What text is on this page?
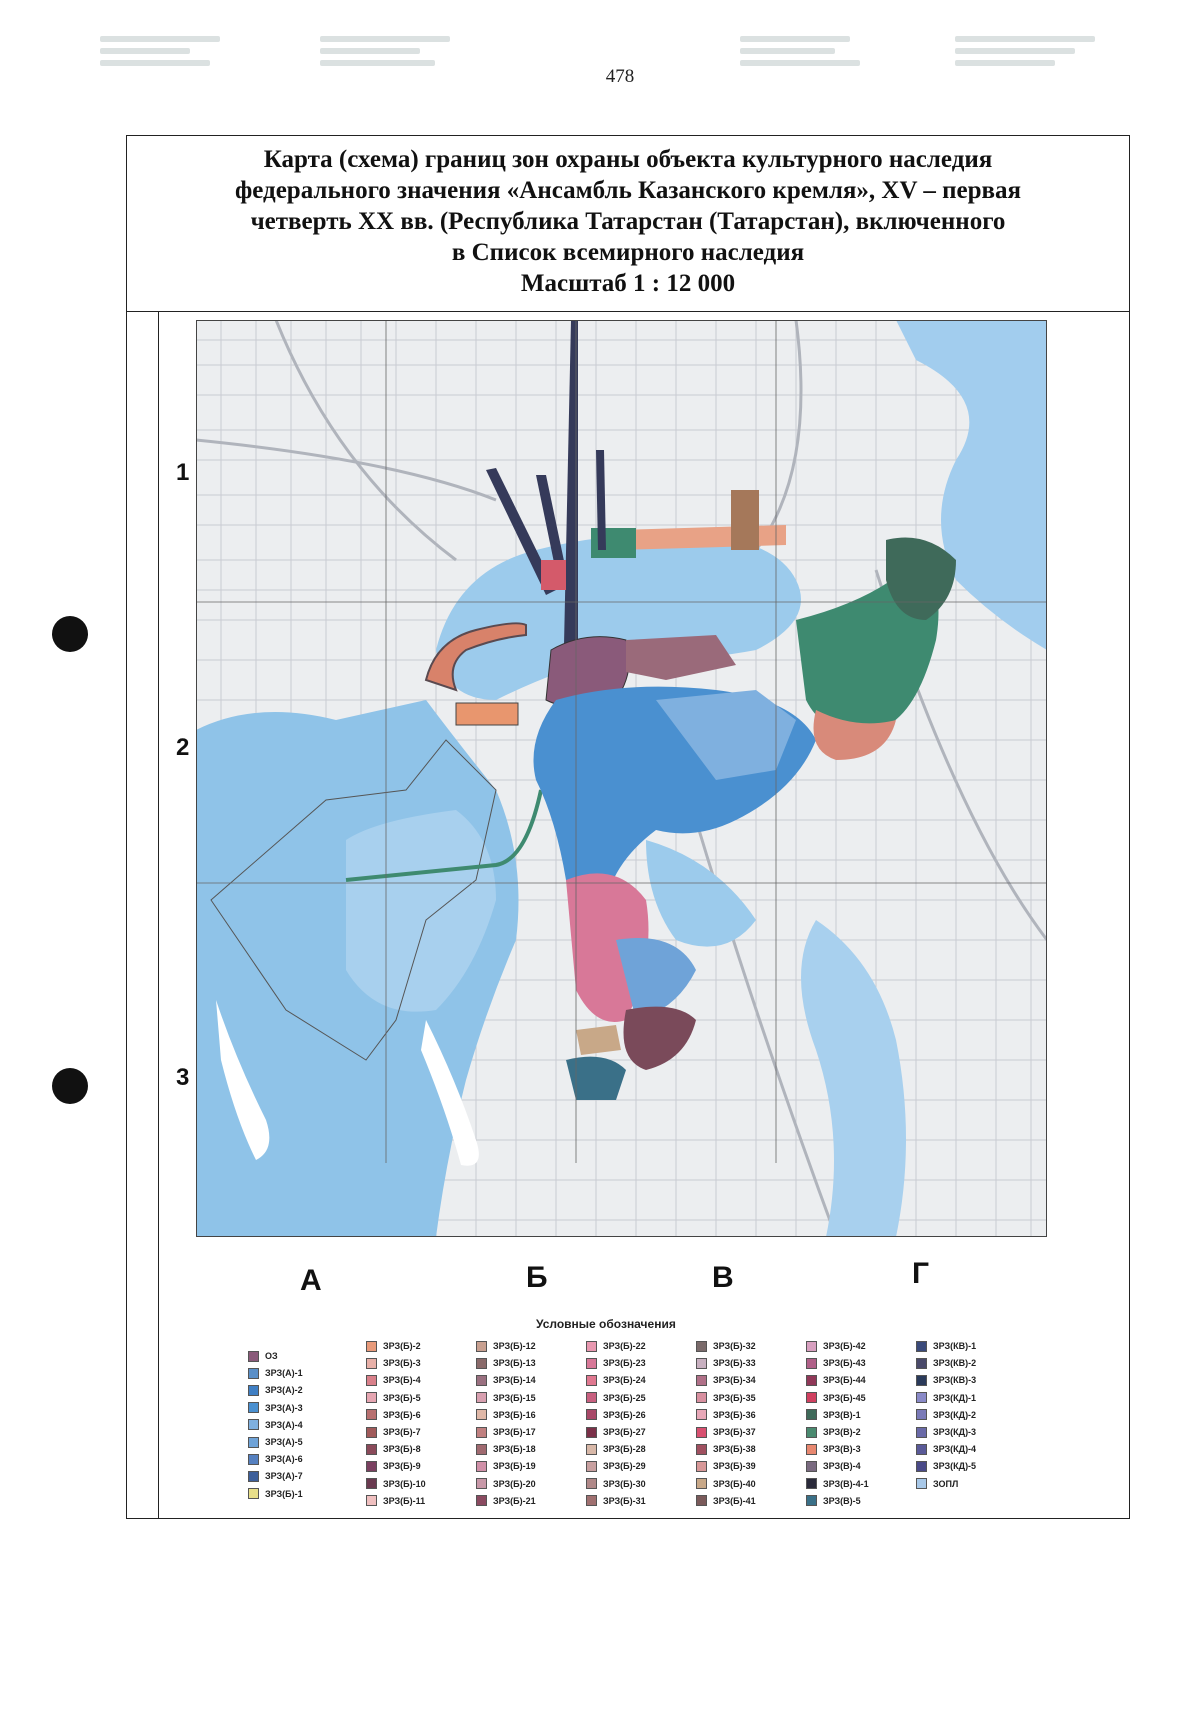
478
Карта (схема) границ зон охраны объекта культурного наследия
федерального значения «Ансамбль Казанского кремля», XV – первая
четверть XX вв. (Республика Татарстан (Татарстан), включенного
в Список всемирного наследия
Масштаб 1 : 12 000
1
2
3
А	Б	В	Г
Условные обозначения
ОЗ
ЗРЗ(А)-1
ЗРЗ(А)-2
ЗРЗ(А)-3
ЗРЗ(А)-4
ЗРЗ(А)-5
ЗРЗ(А)-6
ЗРЗ(А)-7
ЗРЗ(Б)-1
ЗРЗ(Б)-2
ЗРЗ(Б)-3
ЗРЗ(Б)-4
ЗРЗ(Б)-5
ЗРЗ(Б)-6
ЗРЗ(Б)-7
ЗРЗ(Б)-8
ЗРЗ(Б)-9
ЗРЗ(Б)-10
ЗРЗ(Б)-11
ЗРЗ(Б)-12
ЗРЗ(Б)-13
ЗРЗ(Б)-14
ЗРЗ(Б)-15
ЗРЗ(Б)-16
ЗРЗ(Б)-17
ЗРЗ(Б)-18
ЗРЗ(Б)-19
ЗРЗ(Б)-20
ЗРЗ(Б)-21
ЗРЗ(Б)-22
ЗРЗ(Б)-23
ЗРЗ(Б)-24
ЗРЗ(Б)-25
ЗРЗ(Б)-26
ЗРЗ(Б)-27
ЗРЗ(Б)-28
ЗРЗ(Б)-29
ЗРЗ(Б)-30
ЗРЗ(Б)-31
ЗРЗ(Б)-32
ЗРЗ(Б)-33
ЗРЗ(Б)-34
ЗРЗ(Б)-35
ЗРЗ(Б)-36
ЗРЗ(Б)-37
ЗРЗ(Б)-38
ЗРЗ(Б)-39
ЗРЗ(Б)-40
ЗРЗ(Б)-41
ЗРЗ(Б)-42
ЗРЗ(Б)-43
ЗРЗ(Б)-44
ЗРЗ(Б)-45
ЗРЗ(В)-1
ЗРЗ(В)-2
ЗРЗ(В)-3
ЗРЗ(В)-4
ЗРЗ(В)-4-1
ЗРЗ(В)-5
ЗРЗ(КВ)-1
ЗРЗ(КВ)-2
ЗРЗ(КВ)-3
ЗРЗ(КД)-1
ЗРЗ(КД)-2
ЗРЗ(КД)-3
ЗРЗ(КД)-4
ЗРЗ(КД)-5
ЗОПЛ
